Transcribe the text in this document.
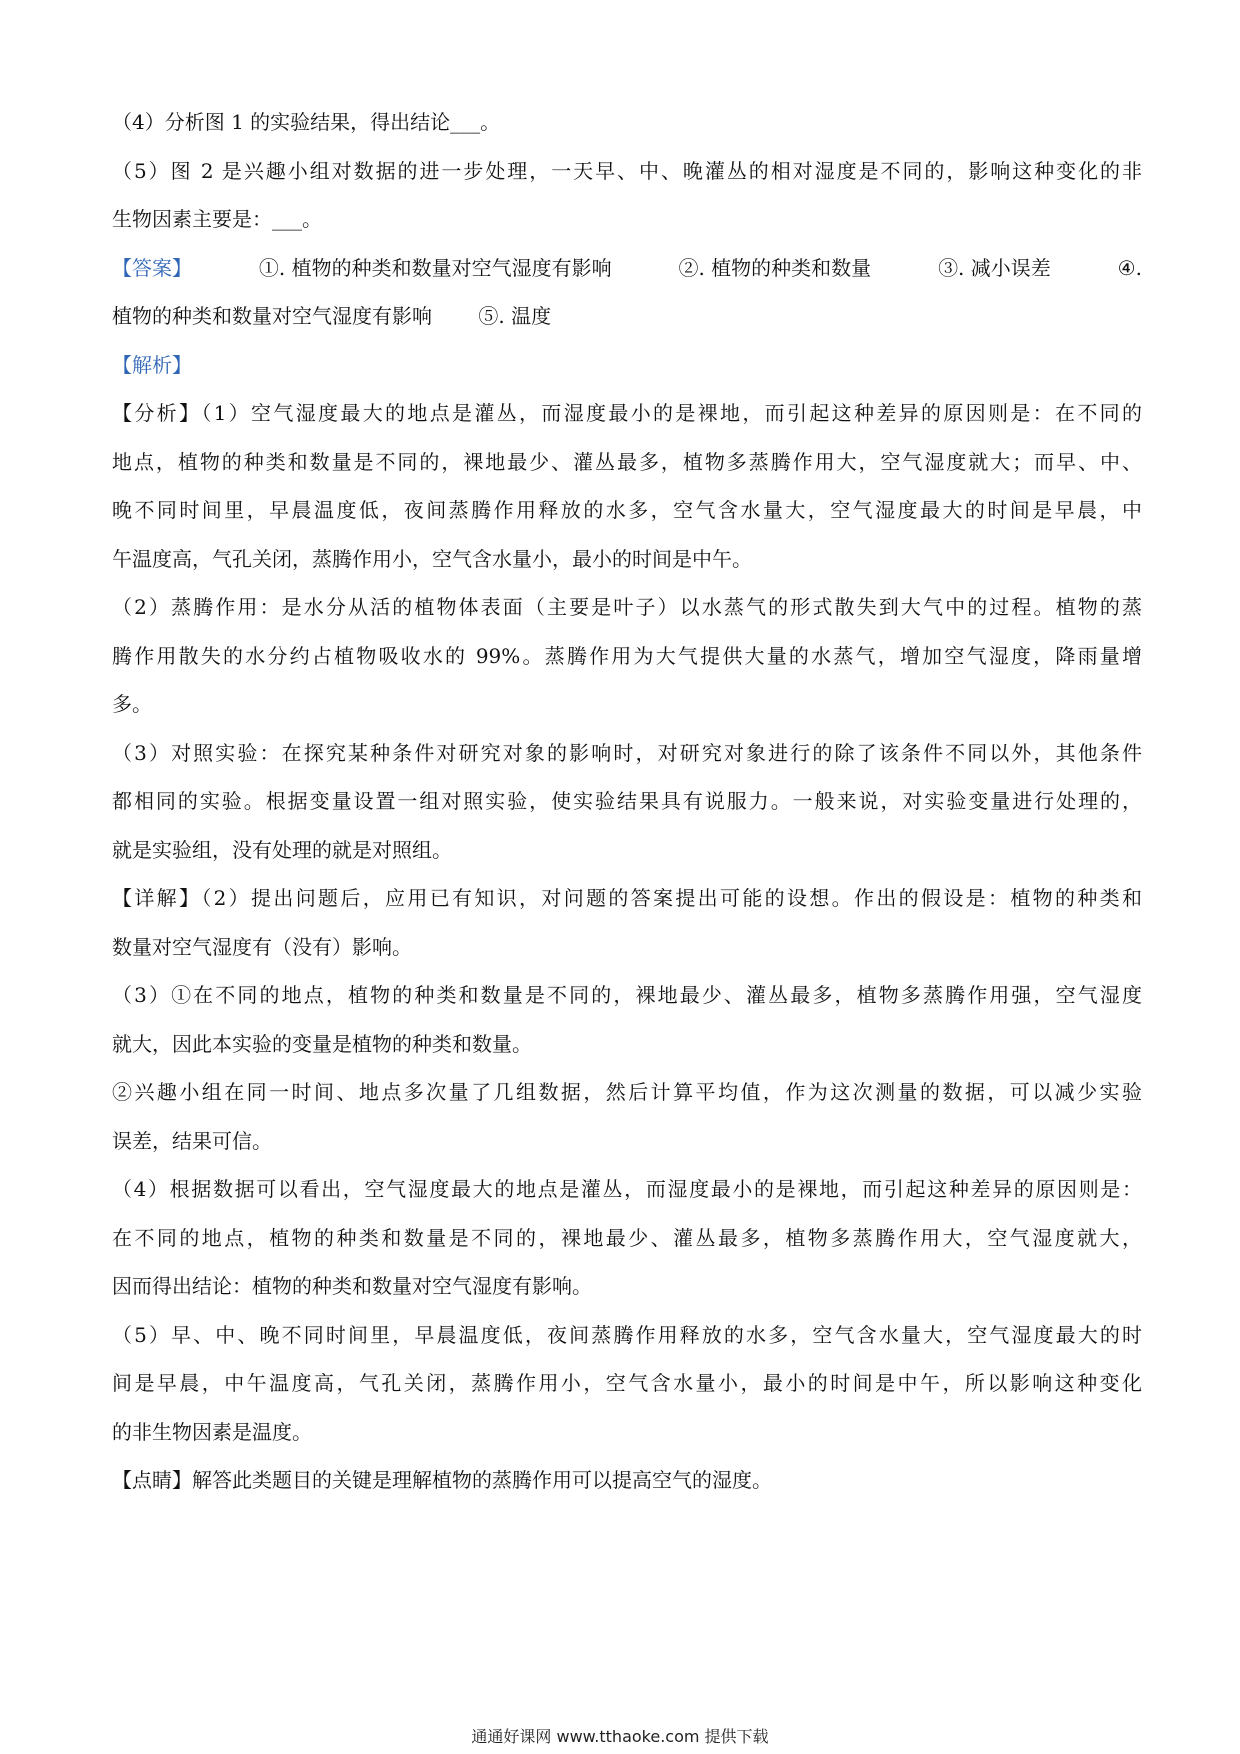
（4）分析图 1 的实验结果，得出结论___。
（5）图 2 是兴趣小组对数据的进一步处理，一天早、中、晚灌丛的相对湿度是不同的，影响这种变化的非
生物因素主要是：___。
【答案】	①. 植物的种类和数量对空气湿度有影响	②. 植物的种类和数量	③. 减小误差	④.
植物的种类和数量对空气湿度有影响 ⑤. 温度
【解析】
【分析】（1）空气湿度最大的地点是灌丛，而湿度最小的是裸地，而引起这种差异的原因则是：在不同的
地点，植物的种类和数量是不同的，裸地最少、灌丛最多，植物多蒸腾作用大，空气湿度就大；而早、中、
晚不同时间里，早晨温度低，夜间蒸腾作用释放的水多，空气含水量大，空气湿度最大的时间是早晨，中
午温度高，气孔关闭，蒸腾作用小，空气含水量小，最小的时间是中午。
（2）蒸腾作用：是水分从活的植物体表面（主要是叶子）以水蒸气的形式散失到大气中的过程。植物的蒸
腾作用散失的水分约占植物吸收水的 99%。蒸腾作用为大气提供大量的水蒸气，增加空气湿度，降雨量增
多。
（3）对照实验：在探究某种条件对研究对象的影响时，对研究对象进行的除了该条件不同以外，其他条件
都相同的实验。根据变量设置一组对照实验，使实验结果具有说服力。一般来说，对实验变量进行处理的，
就是实验组，没有处理的就是对照组。
【详解】（2）提出问题后，应用已有知识，对问题的答案提出可能的设想。作出的假设是：植物的种类和
数量对空气湿度有（没有）影响。
（3）①在不同的地点，植物的种类和数量是不同的，裸地最少、灌丛最多，植物多蒸腾作用强，空气湿度
就大，因此本实验的变量是植物的种类和数量。
②兴趣小组在同一时间、地点多次量了几组数据，然后计算平均值，作为这次测量的数据，可以减少实验
误差，结果可信。
（4）根据数据可以看出，空气湿度最大的地点是灌丛，而湿度最小的是裸地，而引起这种差异的原因则是：
在不同的地点，植物的种类和数量是不同的，裸地最少、灌丛最多，植物多蒸腾作用大，空气湿度就大，
因而得出结论：植物的种类和数量对空气湿度有影响。
（5）早、中、晚不同时间里，早晨温度低，夜间蒸腾作用释放的水多，空气含水量大，空气湿度最大的时
间是早晨，中午温度高，气孔关闭，蒸腾作用小，空气含水量小，最小的时间是中午，所以影响这种变化
的非生物因素是温度。
【点睛】解答此类题目的关键是理解植物的蒸腾作用可以提高空气的湿度。
通通好课网 www.tthaoke.com 提供下载
